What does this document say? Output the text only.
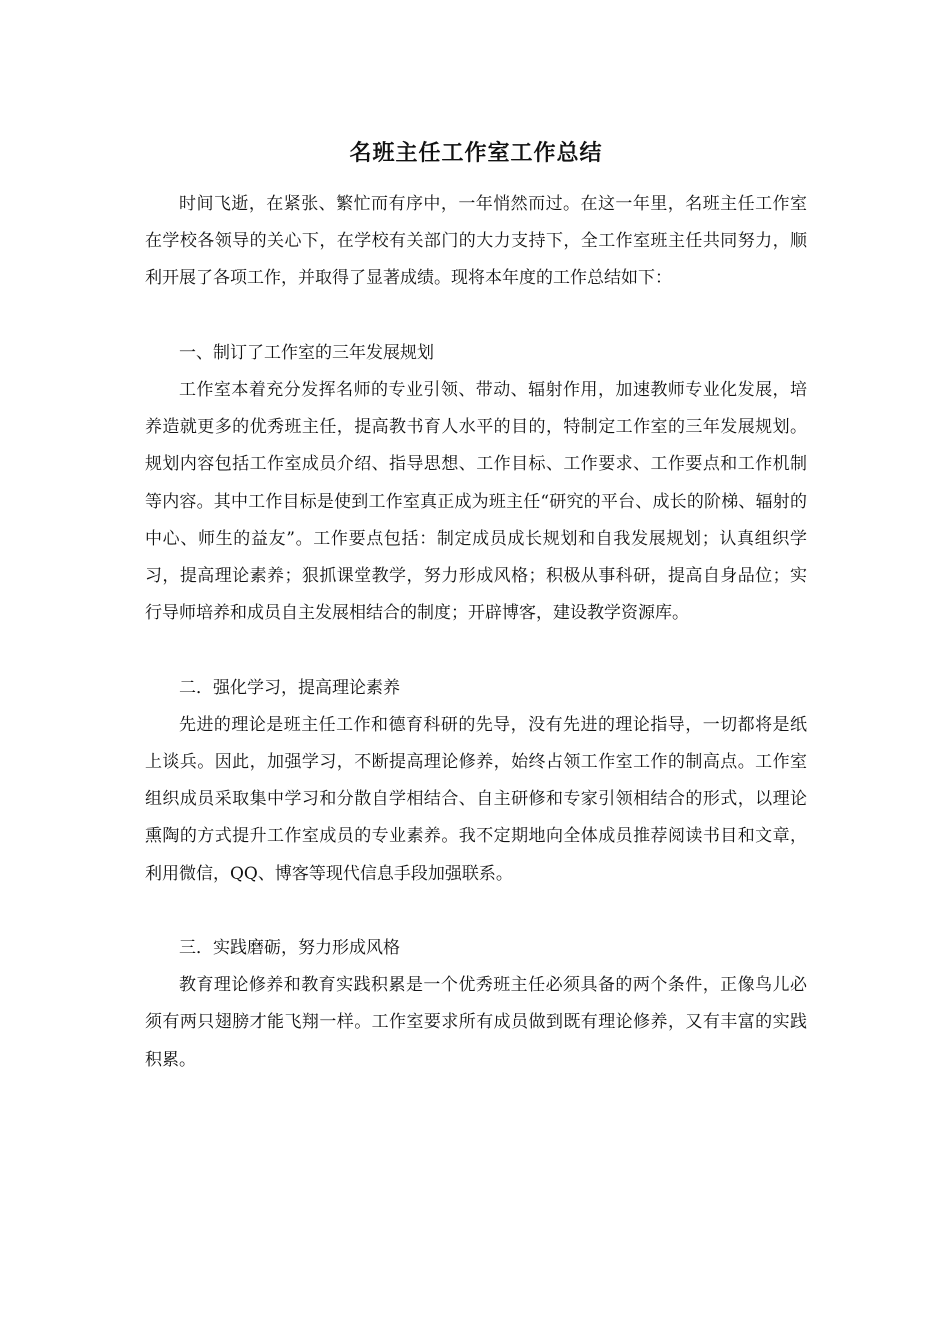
名班主任工作室工作总结

时间飞逝，在紧张、繁忙而有序中，一年悄然而过。在这一年里，名班主任工作室在学校各领导的关心下，在学校有关部门的大力支持下，全工作室班主任共同努力，顺利开展了各项工作，并取得了显著成绩。现将本年度的工作总结如下：

一、制订了工作室的三年发展规划

工作室本着充分发挥名师的专业引领、带动、辐射作用，加速教师专业化发展，培养造就更多的优秀班主任，提高教书育人水平的目的，特制定工作室的三年发展规划。规划内容包括工作室成员介绍、指导思想、工作目标、工作要求、工作要点和工作机制等内容。其中工作目标是使到工作室真正成为班主任“研究的平台、成长的阶梯、辐射的中心、师生的益友”。工作要点包括：制定成员成长规划和自我发展规划；认真组织学习，提高理论素养；狠抓课堂教学，努力形成风格；积极从事科研，提高自身品位；实行导师培养和成员自主发展相结合的制度；开辟博客，建设教学资源库。

二．强化学习，提高理论素养

先进的理论是班主任工作和德育科研的先导，没有先进的理论指导，一切都将是纸上谈兵。因此，加强学习，不断提高理论修养，始终占领工作室工作的制高点。工作室组织成员采取集中学习和分散自学相结合、自主研修和专家引领相结合的形式，以理论熏陶的方式提升工作室成员的专业素养。我不定期地向全体成员推荐阅读书目和文章，利用微信，QQ、博客等现代信息手段加强联系。

三．实践磨砺，努力形成风格

教育理论修养和教育实践积累是一个优秀班主任必须具备的两个条件，正像鸟儿必须有两只翅膀才能飞翔一样。工作室要求所有成员做到既有理论修养，又有丰富的实践积累。
